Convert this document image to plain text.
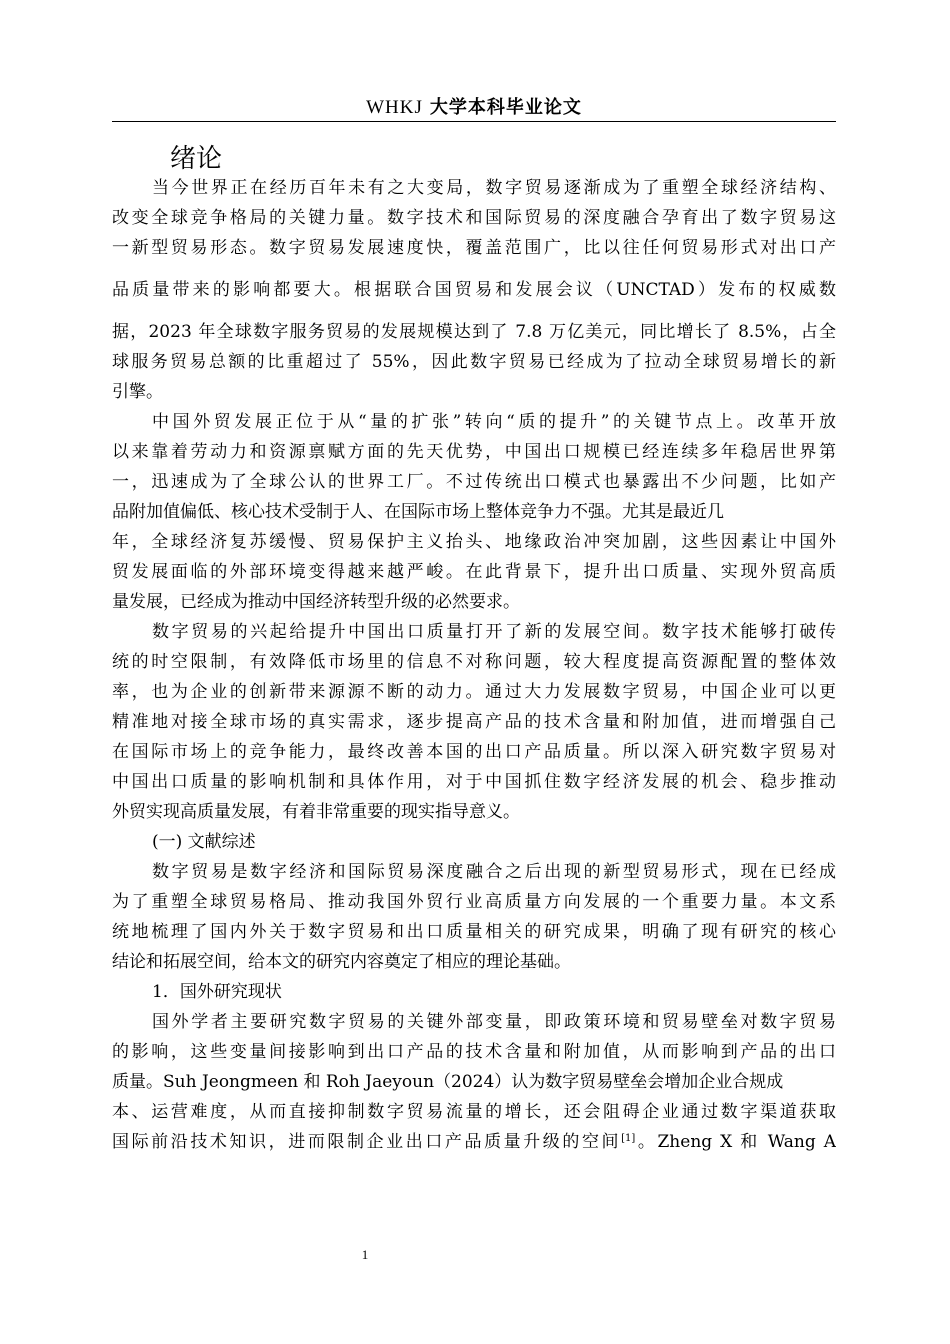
WHKJ 大学本科毕业论文
绪论
当今世界正在经历百年未有之大变局，数字贸易逐渐成为了重塑全球经济结构、
改变全球竞争格局的关键力量。数字技术和国际贸易的深度融合孕育出了数字贸易这
一新型贸易形态。数字贸易发展速度快，覆盖范围广，比以往任何贸易形式对出口产
品质量带来的影响都要大。根据联合国贸易和发展会议（UNCTAD）发布的权威数
据，2023 年全球数字服务贸易的发展规模达到了 7.8 万亿美元，同比增长了 8.5%，占全
球服务贸易总额的比重超过了 55%，因此数字贸易已经成为了拉动全球贸易增长的新
引擎。
中国外贸发展正位于从“量的扩张”转向“质的提升”的关键节点上。改革开放
以来靠着劳动力和资源禀赋方面的先天优势，中国出口规模已经连续多年稳居世界第
一，迅速成为了全球公认的世界工厂。不过传统出口模式也暴露出不少问题，比如产
品附加值偏低、核心技术受制于人、在国际市场上整体竞争力不强。尤其是最近几
年，全球经济复苏缓慢、贸易保护主义抬头、地缘政治冲突加剧，这些因素让中国外
贸发展面临的外部环境变得越来越严峻。在此背景下，提升出口质量、实现外贸高质
量发展，已经成为推动中国经济转型升级的必然要求。
数字贸易的兴起给提升中国出口质量打开了新的发展空间。数字技术能够打破传
统的时空限制，有效降低市场里的信息不对称问题，较大程度提高资源配置的整体效
率，也为企业的创新带来源源不断的动力。通过大力发展数字贸易，中国企业可以更
精准地对接全球市场的真实需求，逐步提高产品的技术含量和附加值，进而增强自己
在国际市场上的竞争能力，最终改善本国的出口产品质量。所以深入研究数字贸易对
中国出口质量的影响机制和具体作用，对于中国抓住数字经济发展的机会、稳步推动
外贸实现高质量发展，有着非常重要的现实指导意义。
(一) 文献综述
数字贸易是数字经济和国际贸易深度融合之后出现的新型贸易形式，现在已经成
为了重塑全球贸易格局、推动我国外贸行业高质量方向发展的一个重要力量。本文系
统地梳理了国内外关于数字贸易和出口质量相关的研究成果，明确了现有研究的核心
结论和拓展空间，给本文的研究内容奠定了相应的理论基础。
1．国外研究现状
国外学者主要研究数字贸易的关键外部变量，即政策环境和贸易壁垒对数字贸易
的影响，这些变量间接影响到出口产品的技术含量和附加值，从而影响到产品的出口
质量。Suh Jeongmeen 和 Roh Jaeyoun（2024）认为数字贸易壁垒会增加企业合规成
本、运营难度，从而直接抑制数字贸易流量的增长，还会阻碍企业通过数字渠道获取
国际前沿技术知识，进而限制企业出口产品质量升级的空间[1]。Zheng X 和 Wang A
1
